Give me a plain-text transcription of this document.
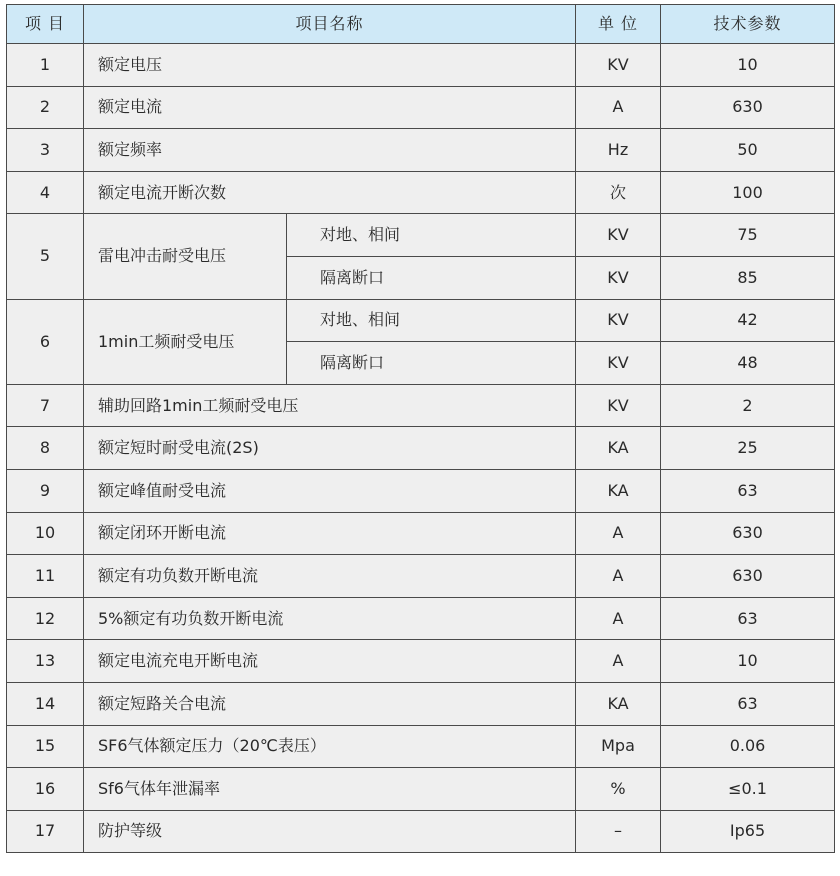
项 目	项目名称		单 位	技术参数
1	额定电压		KV	10
2	额定电流		A	630
3	额定频率		Hz	50
4	额定电流开断次数		次	100
5	雷电冲击耐受电压	对地、相间	KV	75
		隔离断口	KV	85
6	1min工频耐受电压	对地、相间	KV	42
		隔离断口	KV	48
7	辅助回路1min工频耐受电压		KV	2
8	额定短时耐受电流(2S)		KA	25
9	额定峰值耐受电流		KA	63
10	额定闭环开断电流		A	630
11	额定有功负数开断电流		A	630
12	5%额定有功负数开断电流		A	63
13	额定电流充电开断电流		A	10
14	额定短路关合电流		KA	63
15	SF6气体额定压力（20℃表压）		Mpa	0.06
16	Sf6气体年泄漏率		%	≤0.1
17	防护等级		–	Ip65
